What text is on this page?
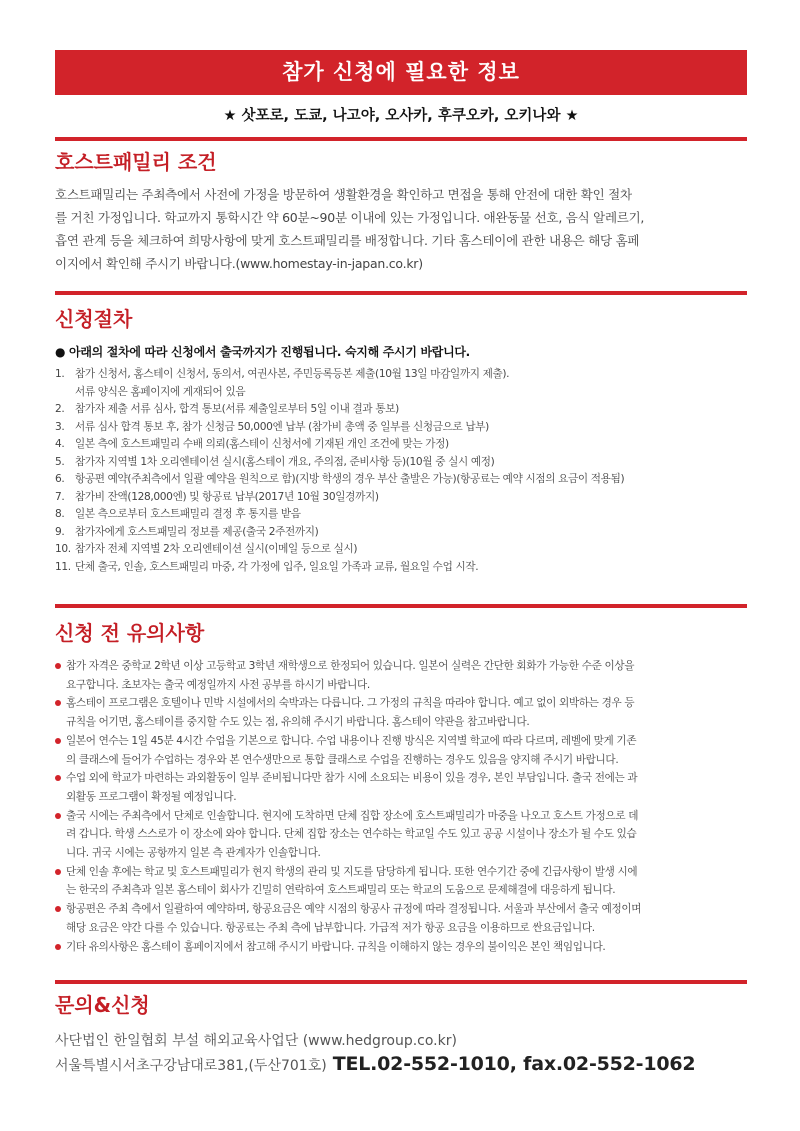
참가 신청에 필요한 정보
★ 삿포로, 도쿄, 나고야, 오사카, 후쿠오카, 오키나와 ★
호스트패밀리 조건
호스트패밀리는 주최측에서 사전에 가정을 방문하여 생활환경을 확인하고 면접을 통해 안전에 대한 확인 절차
를 거친 가정입니다. 학교까지 통학시간 약 60분~90분 이내에 있는 가정입니다. 애완동물 선호, 음식 알레르기,
흡연 관계 등을 체크하여 희망사항에 맞게 호스트패밀리를 배정합니다. 기타 홈스테이에 관한 내용은 해당 홈페
이지에서 확인해 주시기 바랍니다.(www.homestay-in-japan.co.kr)
신청절차
● 아래의 절차에 따라 신청에서 출국까지가 진행됩니다. 숙지해 주시기 바랍니다.
1. 참가 신청서, 홈스테이 신청서, 동의서, 여권사본, 주민등록등본 제출(10월 13일 마감일까지 제출).
서류 양식은 홈페이지에 게재되어 있음
2. 참가자 제출 서류 심사, 합격 통보(서류 제출일로부터 5일 이내 결과 통보)
3. 서류 심사 합격 통보 후, 참가 신청금 50,000엔 납부 (참가비 총액 중 일부를 신청금으로 납부)
4. 일본 측에 호스트패밀리 수배 의뢰(홈스테이 신청서에 기재된 개인 조건에 맞는 가정)
5. 참가자 지역별 1차 오리엔테이션 실시(홈스테이 개요, 주의점, 준비사항 등)(10월 중 실시 예정)
6. 항공편 예약(주최측에서 일괄 예약을 원칙으로 함)(지방 학생의 경우 부산 출발은 가능)(항공료는 예약 시점의 요금이 적용됨)
7. 참가비 잔액(128,000엔) 및 항공료 납부(2017년 10월 30일경까지)
8. 일본 측으로부터 호스트패밀리 결정 후 통지를 받음
9. 참가자에게 호스트패밀리 정보를 제공(출국 2주전까지)
10. 참가자 전체 지역별 2차 오리엔테이션 실시(이메일 등으로 실시)
11. 단체 출국, 인솔, 호스트패밀리 마중, 각 가정에 입주, 일요일 가족과 교류, 월요일 수업 시작.
신청 전 유의사항
참가 자격은 중학교 2학년 이상 고등학교 3학년 재학생으로 한정되어 있습니다. 일본어 실력은 간단한 회화가 가능한 수준 이상을
요구합니다. 초보자는 출국 예정일까지 사전 공부를 하시기 바랍니다.
홈스테이 프로그램은 호텔이나 민박 시설에서의 숙박과는 다릅니다. 그 가정의 규칙을 따라야 합니다. 예고 없이 외박하는 경우 등
규칙을 어기면, 홈스테이를 중지할 수도 있는 점, 유의해 주시기 바랍니다. 홈스테이 약관을 참고바랍니다.
일본어 연수는 1일 45분 4시간 수업을 기본으로 합니다. 수업 내용이나 진행 방식은 지역별 학교에 따라 다르며, 레벨에 맞게 기존
의 클래스에 들어가 수업하는 경우와 본 연수생만으로 통합 클래스로 수업을 진행하는 경우도 있음을 양지해 주시기 바랍니다.
수업 외에 학교가 마련하는 과외활동이 일부 준비됩니다만 참가 시에 소요되는 비용이 있을 경우, 본인 부담입니다. 출국 전에는 과
외활동 프로그램이 확정될 예정입니다.
출국 시에는 주최측에서 단체로 인솔합니다. 현지에 도착하면 단체 집합 장소에 호스트패밀리가 마중을 나오고 호스트 가정으로 데
려 갑니다. 학생 스스로가 이 장소에 와야 합니다. 단체 집합 장소는 연수하는 학교일 수도 있고 공공 시설이나 장소가 될 수도 있습
니다. 귀국 시에는 공항까지 일본 측 관계자가 인솔합니다.
단체 인솔 후에는 학교 및 호스트패밀리가 현지 학생의 관리 및 지도를 담당하게 됩니다. 또한 연수기간 중에 긴급사항이 발생 시에
는 한국의 주최측과 일본 홈스테이 회사가 긴밀히 연락하여 호스트패밀리 또는 학교의 도움으로 문제해결에 대응하게 됩니다.
항공편은 주최 측에서 일괄하여 예약하며, 항공요금은 예약 시점의 항공사 규정에 따라 결정됩니다. 서울과 부산에서 출국 예정이며
해당 요금은 약간 다를 수 있습니다. 항공료는 주최 측에 납부합니다. 가급적 저가 항공 요금을 이용하므로 싼요금입니다.
기타 유의사항은 홈스테이 홈페이지에서 참고해 주시기 바랍니다. 규칙을 이해하지 않는 경우의 불이익은 본인 책임입니다.
문의&신청
사단법인 한일협회 부설 해외교육사업단 (www.hedgroup.co.kr)
서울특별시서초구강남대로381,(두산701호) TEL.02-552-1010, fax.02-552-1062
